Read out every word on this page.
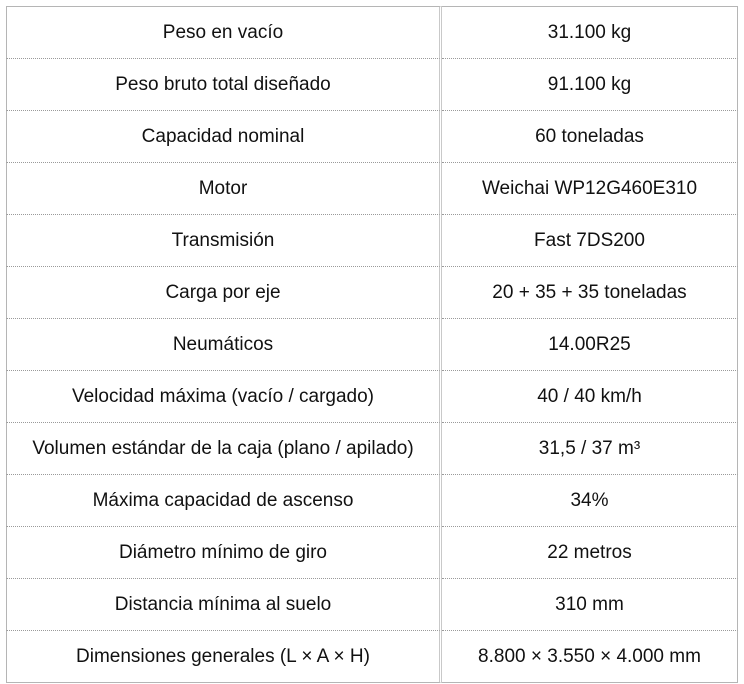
Peso en vacío	31.100 kg
Peso bruto total diseñado	91.100 kg
Capacidad nominal	60 toneladas
Motor	Weichai WP12G460E310
Transmisión	Fast 7DS200
Carga por eje	20 + 35 + 35 toneladas
Neumáticos	14.00R25
Velocidad máxima (vacío / cargado)	40 / 40 km/h
Volumen estándar de la caja (plano / apilado)	31,5 / 37 m³
Máxima capacidad de ascenso	34%
Diámetro mínimo de giro	22 metros
Distancia mínima al suelo	310 mm
Dimensiones generales (L × A × H)	8.800 × 3.550 × 4.000 mm
